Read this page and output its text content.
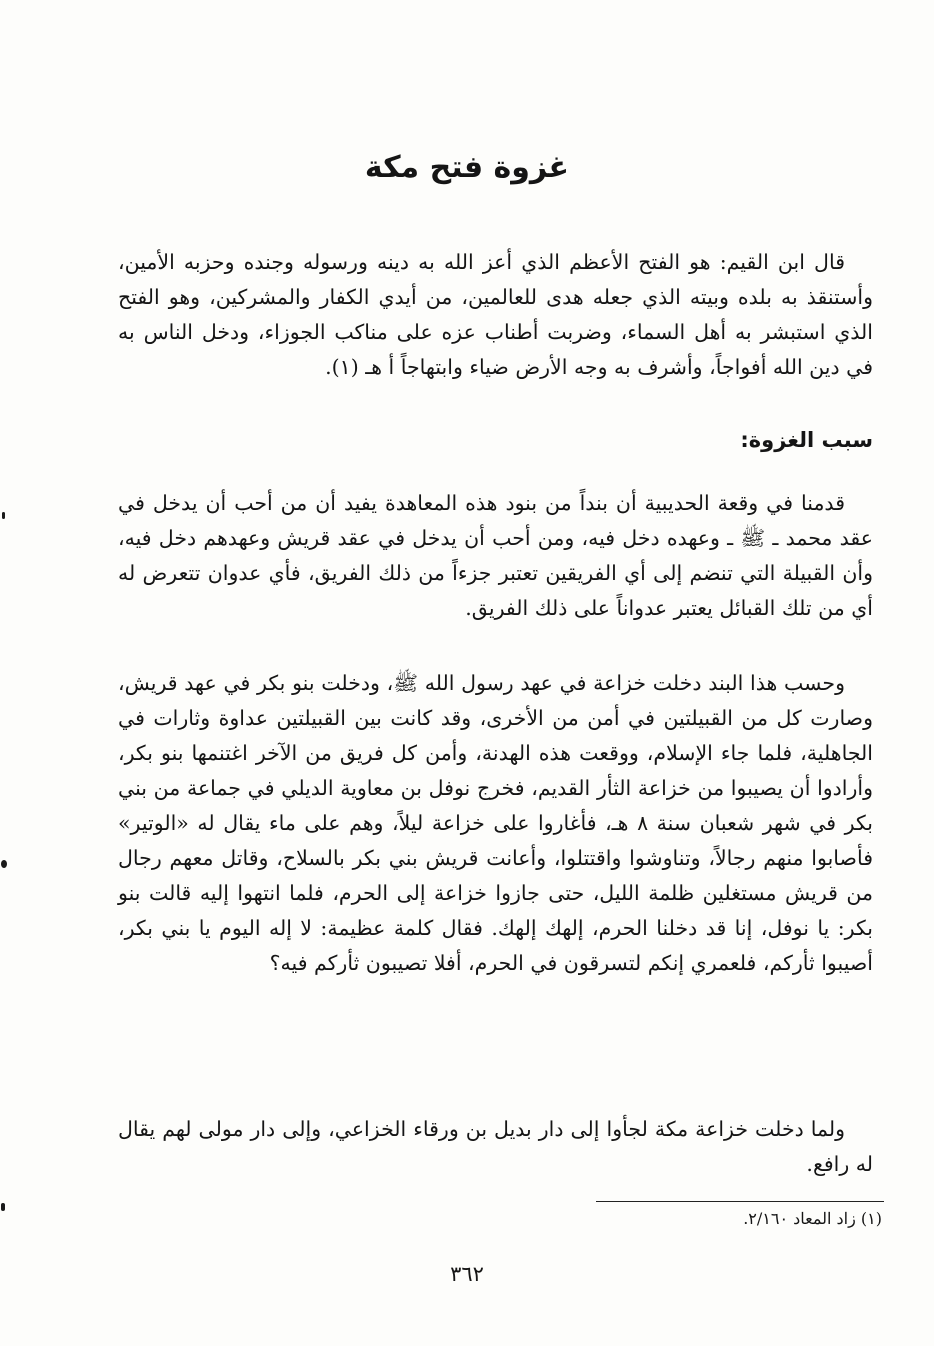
غزوة فتح مكة

قال ابن القيم: هو الفتح الأعظم الذي أعز الله به دينه ورسوله وجنده وحزبه الأمين، وأستنقذ به بلده وبيته الذي جعله هدى للعالمين، من أيدي الكفار والمشركين، وهو الفتح الذي استبشر به أهل السماء، وضربت أطناب عزه على مناكب الجوزاء، ودخل الناس به في دين الله أفواجاً، وأشرف به وجه الأرض ضياء وابتهاجاً أ هـ (١).

سبب الغزوة:

قدمنا في وقعة الحديبية أن بنداً من بنود هذه المعاهدة يفيد أن من أحب أن يدخل في عقد محمد ـ ﷺ ـ وعهده دخل فيه، ومن أحب أن يدخل في عقد قريش وعهدهم دخل فيه، وأن القبيلة التي تنضم إلى أي الفريقين تعتبر جزءاً من ذلك الفريق، فأي عدوان تتعرض له أي من تلك القبائل يعتبر عدواناً على ذلك الفريق.

وحسب هذا البند دخلت خزاعة في عهد رسول الله ﷺ، ودخلت بنو بكر في عهد قريش، وصارت كل من القبيلتين في أمن من الأخرى، وقد كانت بين القبيلتين عداوة وثارات في الجاهلية، فلما جاء الإسلام، ووقعت هذه الهدنة، وأمن كل فريق من الآخر اغتنمها بنو بكر، وأرادوا أن يصيبوا من خزاعة الثأر القديم، فخرج نوفل بن معاوية الديلي في جماعة من بني بكر في شهر شعبان سنة ٨ هـ، فأغاروا على خزاعة ليلاً، وهم على ماء يقال له «الوتير» فأصابوا منهم رجالاً، وتناوشوا واقتتلوا، وأعانت قريش بني بكر بالسلاح، وقاتل معهم رجال من قريش مستغلين ظلمة الليل، حتى جازوا خزاعة إلى الحرم، فلما انتهوا إليه قالت بنو بكر: يا نوفل، إنا قد دخلنا الحرم، إلهك إلهك. فقال كلمة عظيمة: لا إله اليوم يا بني بكر، أصيبوا ثأركم، فلعمري إنكم لتسرقون في الحرم، أفلا تصيبون ثأركم فيه؟

ولما دخلت خزاعة مكة لجأوا إلى دار بديل بن ورقاء الخزاعي، وإلى دار مولى لهم يقال له رافع.

(١) زاد المعاد ٢/١٦٠.

٣٦٢
